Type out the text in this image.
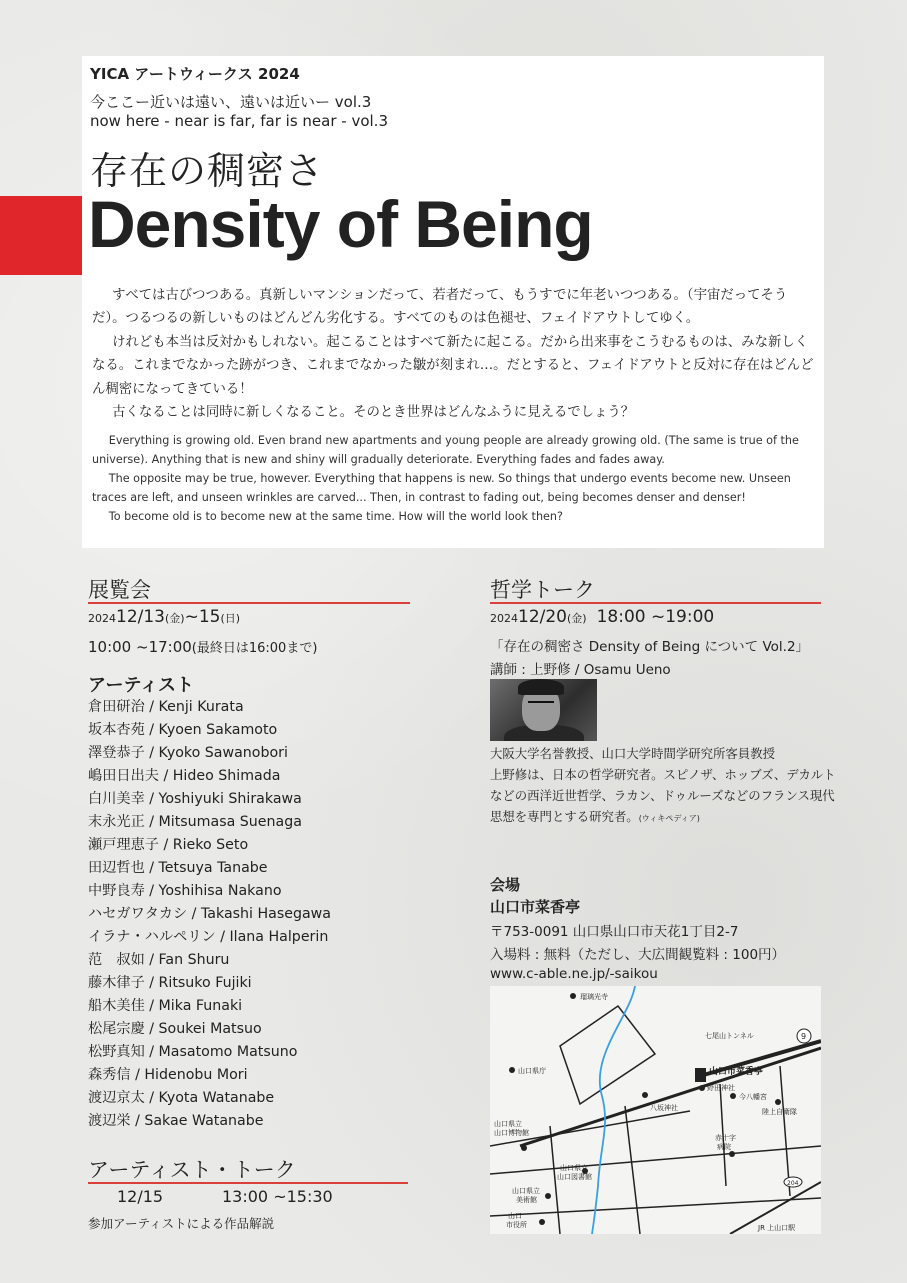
YICA アートウィークス 2024
今ここー近いは遠い、遠いは近いー vol.3
now here - near is far, far is near - vol.3
存在の稠密さ
Density of Being

すべては古びつつある。真新しいマンションだって、若者だって、もうすでに年老いつつある。（宇宙だってそうだ）。つるつるの新しいものはどんどん劣化する。すべてのものは色褪せ、フェイドアウトしてゆく。

けれども本当は反対かもしれない。起こることはすべて新たに起こる。だから出来事をこうむるものは、みな新しくなる。これまでなかった跡がつき、これまでなかった皺が刻まれ…。だとすると、フェイドアウトと反対に存在はどんどん稠密になってきている！

古くなることは同時に新しくなること。そのとき世界はどんなふうに見えるでしょう？

Everything is growing old. Even brand new apartments and young people are already growing old. (The same is true of the universe). Anything that is new and shiny will gradually deteriorate. Everything fades and fades away.

The opposite may be true, however. Everything that happens is new. So things that undergo events become new. Unseen traces are left, and unseen wrinkles are carved... Then, in contrast to fading out, being becomes denser and denser!

To become old is to become new at the same time. How will the world look then?

展覧会
202412/13(金)~15(日)
10:00 ~17:00(最終日は16:00まで)
アーティスト
倉田研治 / Kenji Kurata
坂本杏苑 / Kyoen Sakamoto
澤登恭子 / Kyoko Sawanobori
嶋田日出夫 / Hideo Shimada
白川美幸 / Yoshiyuki Shirakawa
末永光正 / Mitsumasa Suenaga
瀬戸理恵子 / Rieko Seto
田辺哲也 / Tetsuya Tanabe
中野良寿 / Yoshihisa Nakano
ハセガワタカシ / Takashi Hasegawa
イラナ・ハルペリン / Ilana Halperin
范　叔如 / Fan Shuru
藤木律子 / Ritsuko Fujiki
船木美佳 / Mika Funaki
松尾宗慶 / Soukei Matsuo
松野真知 / Masatomo Matsuno
森秀信 / Hidenobu Mori
渡辺京太 / Kyota Watanabe
渡辺栄 / Sakae Watanabe
アーティスト・トーク
12/15	13:00 ~15:30
参加アーティストによる作品解説
哲学トーク
202412/20(金) 18:00 ~19:00
「存在の稠密さ Density of Being について Vol.2」
講師 : 上野修 / Osamu Ueno
大阪大学名誉教授、山口大学時間学研究所客員教授
上野修は、日本の哲学研究者。スピノザ、ホッブズ、デカルト
などの西洋近世哲学、ラカン、ドゥルーズなどのフランス現代
思想を専門とする研究者。(ウィキペディア)
会場
山口市菜香亭
〒753-0091 山口県山口市天花1丁目2-7
入場料 : 無料（ただし、大広間観覧料 : 100円）
www.c-able.ne.jp/-saikou
瑠璃光寺
七尾山トンネル	9
山口県庁	山口市菜香亭
野田神社
今八幡宮
八坂神社	陸上自衛隊
山口県立
山口博物館
赤十字
病院
山口県立
山口図書館
山口県立
美術館
山口
市役所
204
JR 上山口駅
